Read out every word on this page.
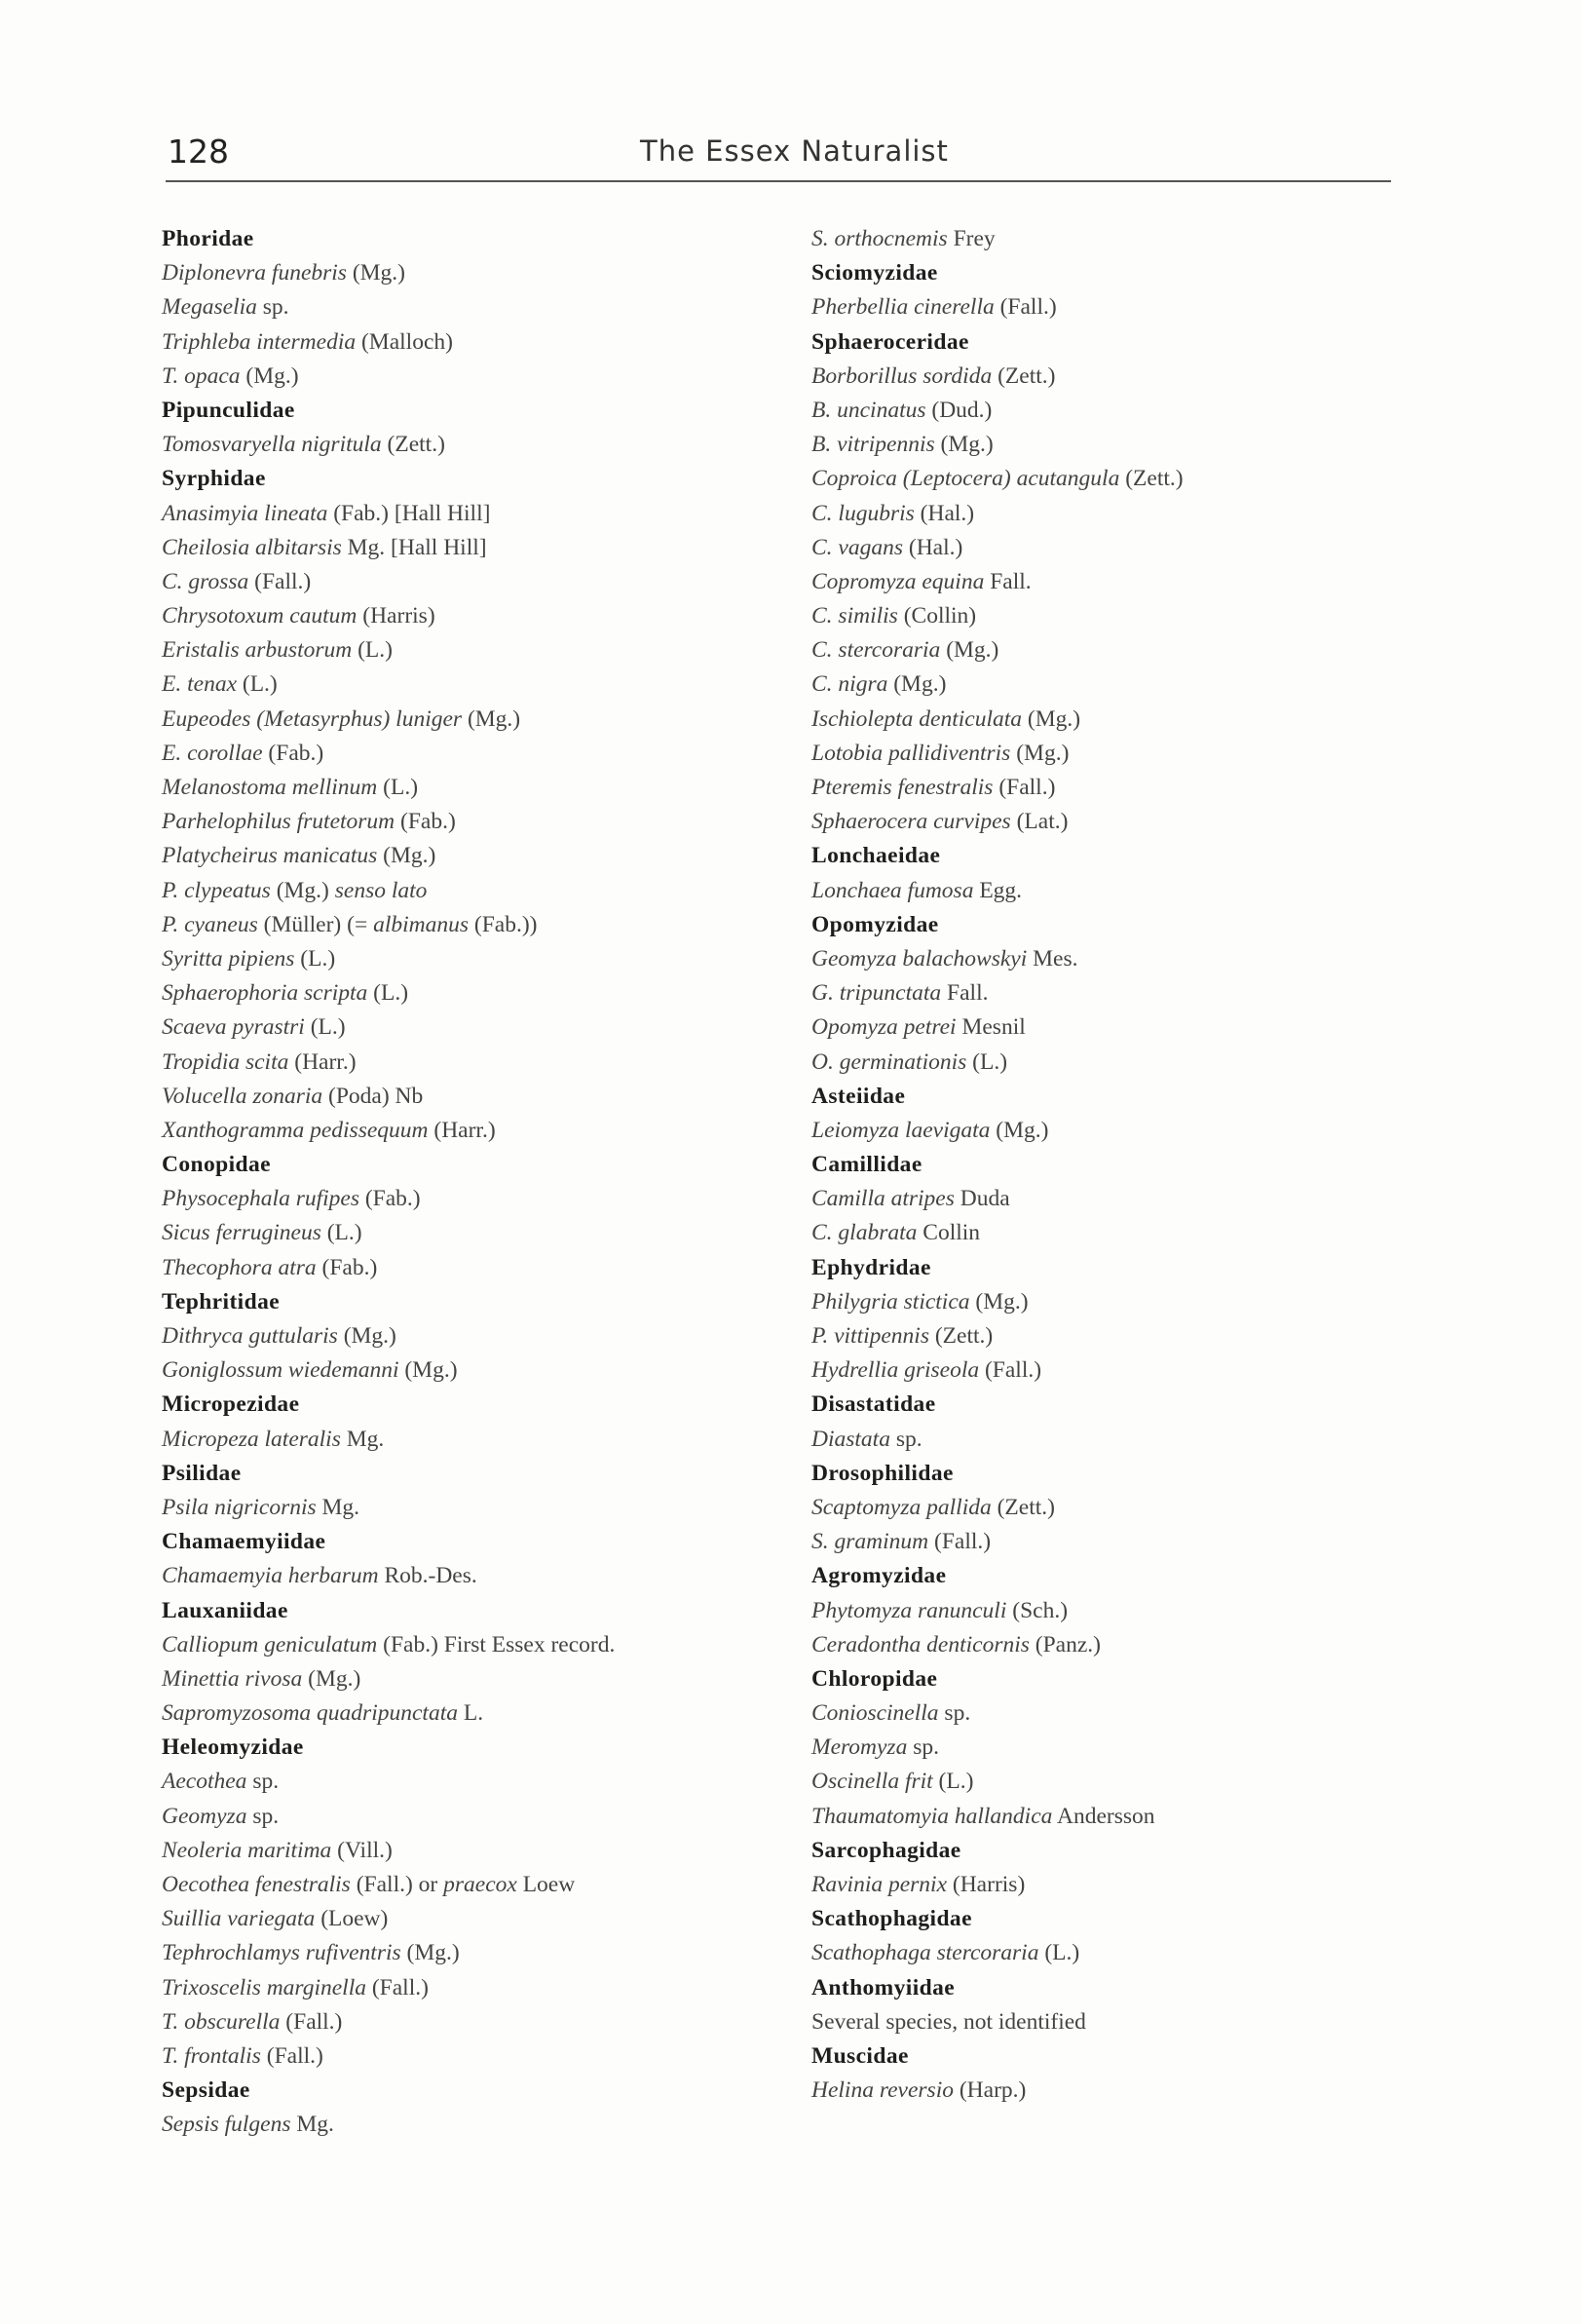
128	The Essex Naturalist
Phoridae
Diplonevra funebris (Mg.)
Megaselia sp.
Triphleba intermedia (Malloch)
T. opaca (Mg.)
Pipunculidae
Tomosvaryella nigritula (Zett.)
Syrphidae
Anasimyia lineata (Fab.) [Hall Hill]
Cheilosia albitarsis Mg. [Hall Hill]
C. grossa (Fall.)
Chrysotoxum cautum (Harris)
Eristalis arbustorum (L.)
E. tenax (L.)
Eupeodes (Metasyrphus) luniger (Mg.)
E. corollae (Fab.)
Melanostoma mellinum (L.)
Parhelophilus frutetorum (Fab.)
Platycheirus manicatus (Mg.)
P. clypeatus (Mg.) senso lato
P. cyaneus (Müller) (= albimanus (Fab.))
Syritta pipiens (L.)
Sphaerophoria scripta (L.)
Scaeva pyrastri (L.)
Tropidia scita (Harr.)
Volucella zonaria (Poda) Nb
Xanthogramma pedissequum (Harr.)
Conopidae
Physocephala rufipes (Fab.)
Sicus ferrugineus (L.)
Thecophora atra (Fab.)
Tephritidae
Dithryca guttularis (Mg.)
Goniglossum wiedemanni (Mg.)
Micropezidae
Micropeza lateralis Mg.
Psilidae
Psila nigricornis Mg.
Chamaemyiidae
Chamaemyia herbarum Rob.-Des.
Lauxaniidae
Calliopum geniculatum (Fab.) First Essex record.
Minettia rivosa (Mg.)
Sapromyzosoma quadripunctata L.
Heleomyzidae
Aecothea sp.
Geomyza sp.
Neoleria maritima (Vill.)
Oecothea fenestralis (Fall.) or praecox Loew
Suillia variegata (Loew)
Tephrochlamys rufiventris (Mg.)
Trixoscelis marginella (Fall.)
T. obscurella (Fall.)
T. frontalis (Fall.)
Sepsidae
Sepsis fulgens Mg.
S. orthocnemis Frey
Sciomyzidae
Pherbellia cinerella (Fall.)
Sphaeroceridae
Borborillus sordida (Zett.)
B. uncinatus (Dud.)
B. vitripennis (Mg.)
Coproica (Leptocera) acutangula (Zett.)
C. lugubris (Hal.)
C. vagans (Hal.)
Copromyza equina Fall.
C. similis (Collin)
C. stercoraria (Mg.)
C. nigra (Mg.)
Ischiolepta denticulata (Mg.)
Lotobia pallidiventris (Mg.)
Pteremis fenestralis (Fall.)
Sphaerocera curvipes (Lat.)
Lonchaeidae
Lonchaea fumosa Egg.
Opomyzidae
Geomyza balachowskyi Mes.
G. tripunctata Fall.
Opomyza petrei Mesnil
O. germinationis (L.)
Asteiidae
Leiomyza laevigata (Mg.)
Camillidae
Camilla atripes Duda
C. glabrata Collin
Ephydridae
Philygria stictica (Mg.)
P. vittipennis (Zett.)
Hydrellia griseola (Fall.)
Disastatidae
Diastata sp.
Drosophilidae
Scaptomyza pallida (Zett.)
S. graminum (Fall.)
Agromyzidae
Phytomyza ranunculi (Sch.)
Ceradontha denticornis (Panz.)
Chloropidae
Conioscinella sp.
Meromyza sp.
Oscinella frit (L.)
Thaumatomyia hallandica Andersson
Sarcophagidae
Ravinia pernix (Harris)
Scathophagidae
Scathophaga stercoraria (L.)
Anthomyiidae
Several species, not identified
Muscidae
Helina reversio (Harp.)
